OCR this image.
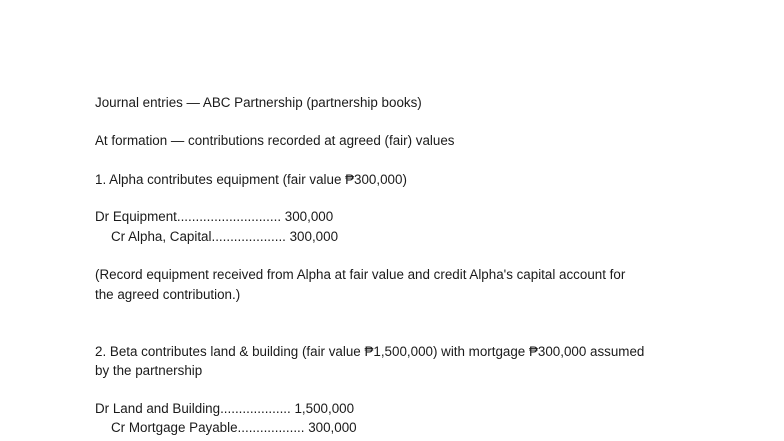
Journal entries — ABC Partnership (partnership books)
At formation — contributions recorded at agreed (fair) values
1. Alpha contributes equipment (fair value ₱300,000)
Dr Equipment............................ 300,000
Cr Alpha, Capital.................... 300,000
(Record equipment received from Alpha at fair value and credit Alpha's capital account for
the agreed contribution.)
2. Beta contributes land & building (fair value ₱1,500,000) with mortgage ₱300,000 assumed
by the partnership
Dr Land and Building................... 1,500,000
Cr Mortgage Payable.................. 300,000
